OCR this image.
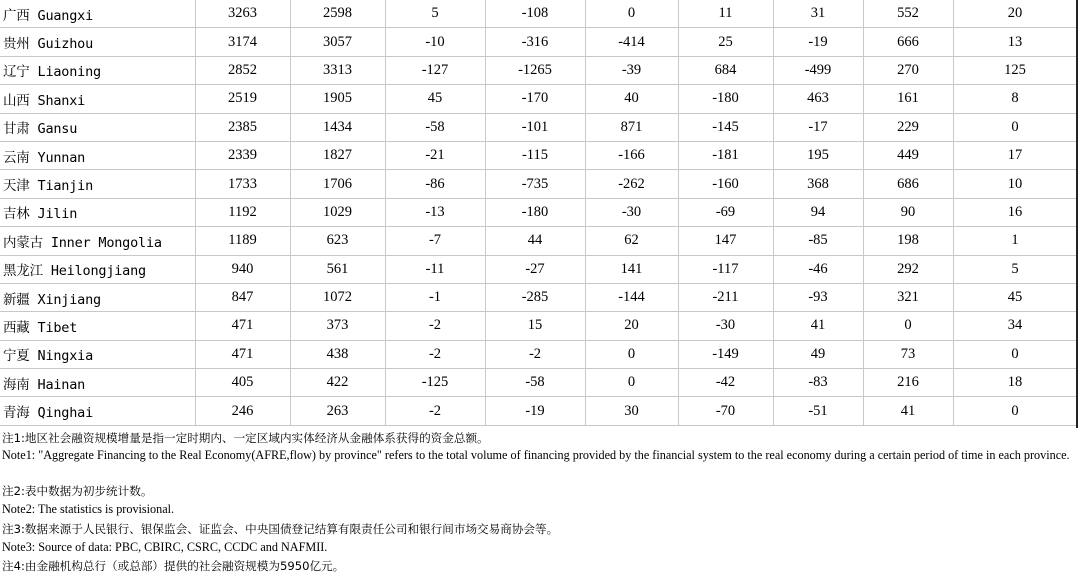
广西 Guangxi	3263	2598	5	-108	0	11	31	552	20
贵州 Guizhou	3174	3057	-10	-316	-414	25	-19	666	13
辽宁 Liaoning	2852	3313	-127	-1265	-39	684	-499	270	125
山西 Shanxi	2519	1905	45	-170	40	-180	463	161	8
甘肃 Gansu	2385	1434	-58	-101	871	-145	-17	229	0
云南 Yunnan	2339	1827	-21	-115	-166	-181	195	449	17
天津 Tianjin	1733	1706	-86	-735	-262	-160	368	686	10
吉林 Jilin	1192	1029	-13	-180	-30	-69	94	90	16
内蒙古 Inner Mongolia	1189	623	-7	44	62	147	-85	198	1
黑龙江 Heilongjiang	940	561	-11	-27	141	-117	-46	292	5
新疆 Xinjiang	847	1072	-1	-285	-144	-211	-93	321	45
西藏 Tibet	471	373	-2	15	20	-30	41	0	34
宁夏 Ningxia	471	438	-2	-2	0	-149	49	73	0
海南 Hainan	405	422	-125	-58	0	-42	-83	216	18
青海 Qinghai	246	263	-2	-19	30	-70	-51	41	0
注1:地区社会融资规模增量是指一定时期内、一定区域内实体经济从金融体系获得的资金总额。
Note1: "Aggregate Financing to the Real Economy(AFRE,flow) by province" refers to the total volume of financing provided by the financial system to the real economy during a certain period of time in each province.
注2:表中数据为初步统计数。
Note2: The statistics is provisional.
注3:数据来源于人民银行、银保监会、证监会、中央国债登记结算有限责任公司和银行间市场交易商协会等。
Note3: Source of data: PBC, CBIRC, CSRC, CCDC and NAFMII.
注4:由金融机构总行（或总部）提供的社会融资规模为5950亿元。
